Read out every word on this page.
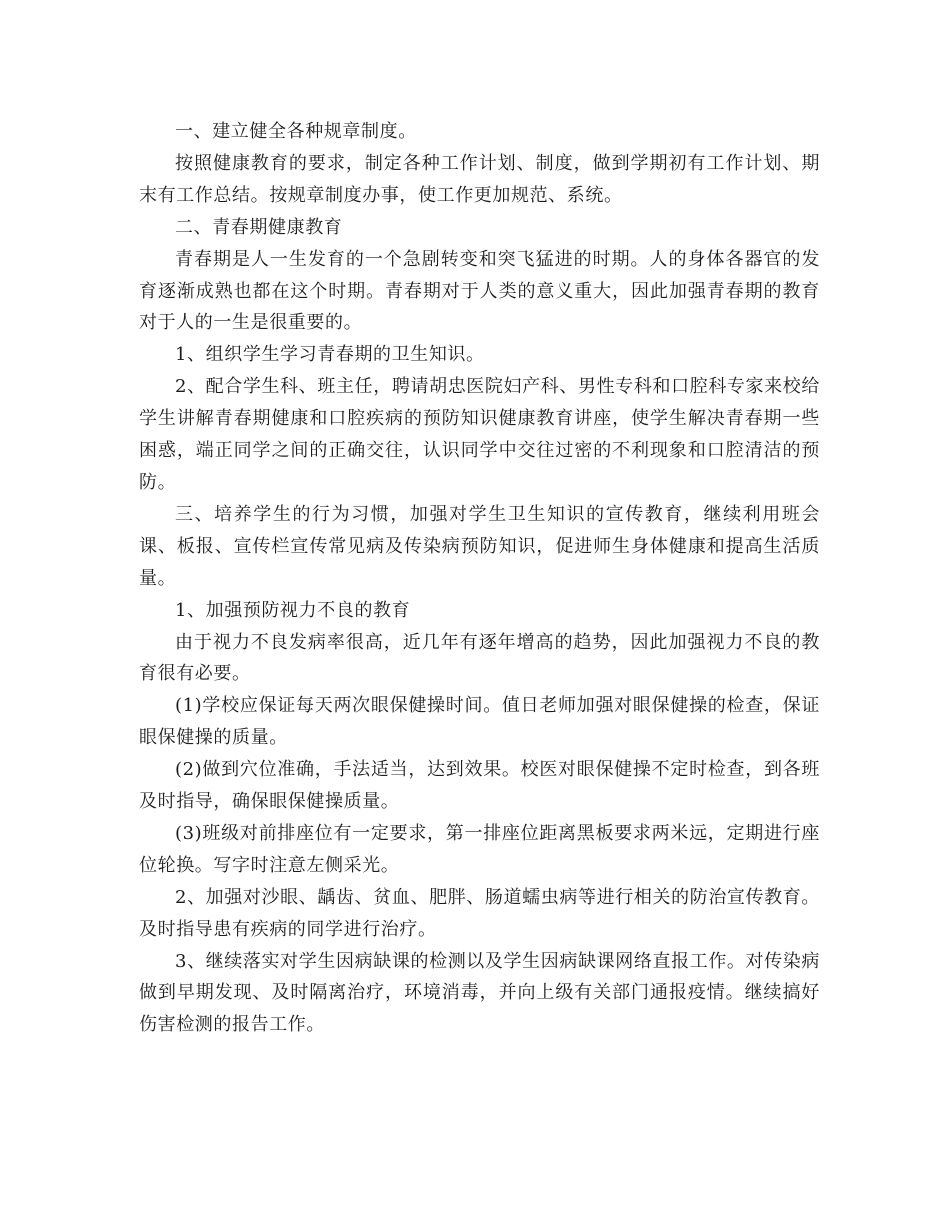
一、建立健全各种规章制度。

按照健康教育的要求，制定各种工作计划、制度，做到学期初有工作计划、期末有工作总结。按规章制度办事，使工作更加规范、系统。

二、青春期健康教育

青春期是人一生发育的一个急剧转变和突飞猛进的时期。人的身体各器官的发育逐渐成熟也都在这个时期。青春期对于人类的意义重大，因此加强青春期的教育对于人的一生是很重要的。

1、组织学生学习青春期的卫生知识。

2、配合学生科、班主任，聘请胡忠医院妇产科、男性专科和口腔科专家来校给学生讲解青春期健康和口腔疾病的预防知识健康教育讲座，使学生解决青春期一些困惑，端正同学之间的正确交往，认识同学中交往过密的不利现象和口腔清洁的预防。

三、培养学生的行为习惯，加强对学生卫生知识的宣传教育，继续利用班会课、板报、宣传栏宣传常见病及传染病预防知识，促进师生身体健康和提高生活质量。

1、加强预防视力不良的教育

由于视力不良发病率很高，近几年有逐年增高的趋势，因此加强视力不良的教育很有必要。

(1)学校应保证每天两次眼保健操时间。值日老师加强对眼保健操的检查，保证眼保健操的质量。

(2)做到穴位准确，手法适当，达到效果。校医对眼保健操不定时检查，到各班及时指导，确保眼保健操质量。

(3)班级对前排座位有一定要求，第一排座位距离黑板要求两米远，定期进行座位轮换。写字时注意左侧采光。

2、加强对沙眼、龋齿、贫血、肥胖、肠道蠕虫病等进行相关的防治宣传教育。及时指导患有疾病的同学进行治疗。

3、继续落实对学生因病缺课的检测以及学生因病缺课网络直报工作。对传染病做到早期发现、及时隔离治疗，环境消毒，并向上级有关部门通报疫情。继续搞好伤害检测的报告工作。
